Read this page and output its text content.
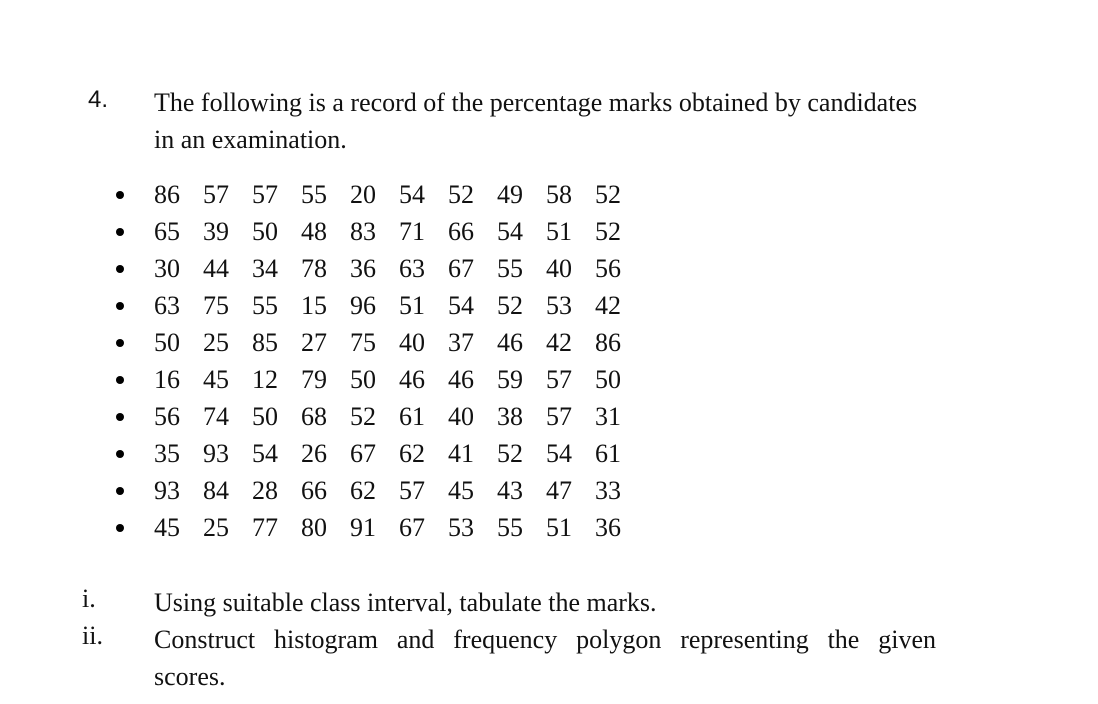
4. The following is a record of the percentage marks obtained by candidates
in an examination.
86 57 57 55 20 54 52 49 58 52
65 39 50 48 83 71 66 54 51 52
30 44 34 78 36 63 67 55 40 56
63 75 55 15 96 51 54 52 53 42
50 25 85 27 75 40 37 46 42 86
16 45 12 79 50 46 46 59 57 50
56 74 50 68 52 61 40 38 57 31
35 93 54 26 67 62 41 52 54 61
93 84 28 66 62 57 45 43 47 33
45 25 77 80 91 67 53 55 51 36
i. Using suitable class interval, tabulate the marks.
ii. Construct histogram and frequency polygon representing the given
scores.
